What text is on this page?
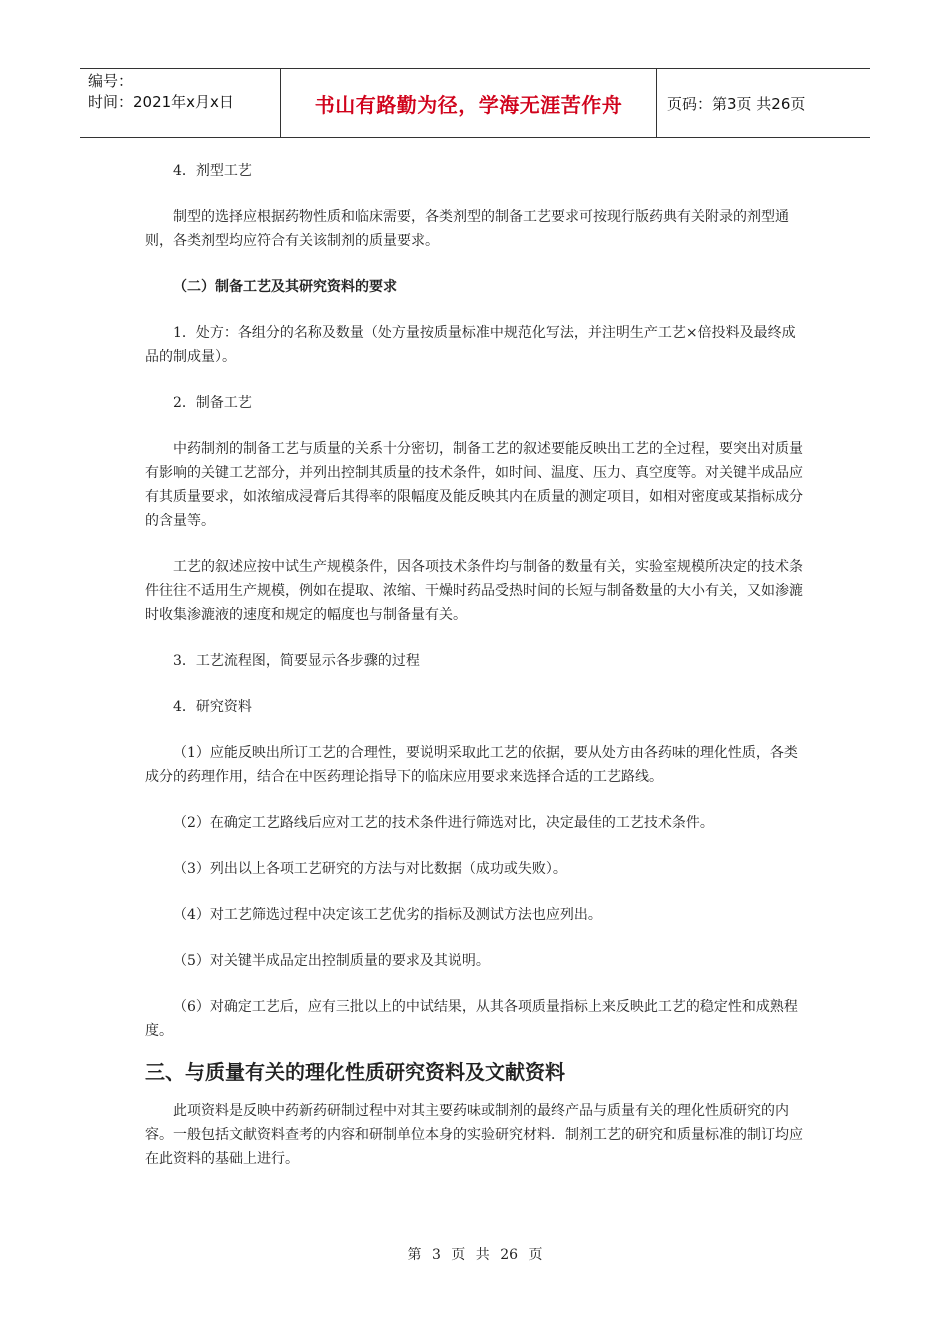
编号：
时间：2021年x月x日	书山有路勤为径，学海无涯苦作舟	页码：第3页 共26页

4．剂型工艺

制型的选择应根据药物性质和临床需要，各类剂型的制备工艺要求可按现行版药典有关附录的剂型通则，各类剂型均应符合有关该制剂的质量要求。

（二）制备工艺及其研究资料的要求

1．处方：各组分的名称及数量（处方量按质量标准中规范化写法，并注明生产工艺×倍投料及最终成品的制成量）。

2．制备工艺

中药制剂的制备工艺与质量的关系十分密切，制备工艺的叙述要能反映出工艺的全过程，要突出对质量有影响的关键工艺部分，并列出控制其质量的技术条件，如时间、温度、压力、真空度等。对关键半成品应有其质量要求，如浓缩成浸膏后其得率的限幅度及能反映其内在质量的测定项目，如相对密度或某指标成分的含量等。

工艺的叙述应按中试生产规模条件，因各项技术条件均与制备的数量有关，实验室规模所决定的技术条件往往不适用生产规模，例如在提取、浓缩、干燥时药品受热时间的长短与制备数量的大小有关，又如渗漉时收集渗漉液的速度和规定的幅度也与制备量有关。

3．工艺流程图，简要显示各步骤的过程

4．研究资料

（1）应能反映出所订工艺的合理性，要说明采取此工艺的依据，要从处方由各药味的理化性质，各类成分的药理作用，结合在中医药理论指导下的临床应用要求来选择合适的工艺路线。

（2）在确定工艺路线后应对工艺的技术条件进行筛选对比，决定最佳的工艺技术条件。

（3）列出以上各项工艺研究的方法与对比数据（成功或失败）。

（4）对工艺筛选过程中决定该工艺优劣的指标及测试方法也应列出。

（5）对关键半成品定出控制质量的要求及其说明。

（6）对确定工艺后，应有三批以上的中试结果，从其各项质量指标上来反映此工艺的稳定性和成熟程度。

三、与质量有关的理化性质研究资料及文献资料

此项资料是反映中药新药研制过程中对其主要药味或制剂的最终产品与质量有关的理化性质研究的内容。一般包括文献资料查考的内容和研制单位本身的实验研究材料．制剂工艺的研究和质量标准的制订均应在此资料的基础上进行。

第 3 页 共 26 页
